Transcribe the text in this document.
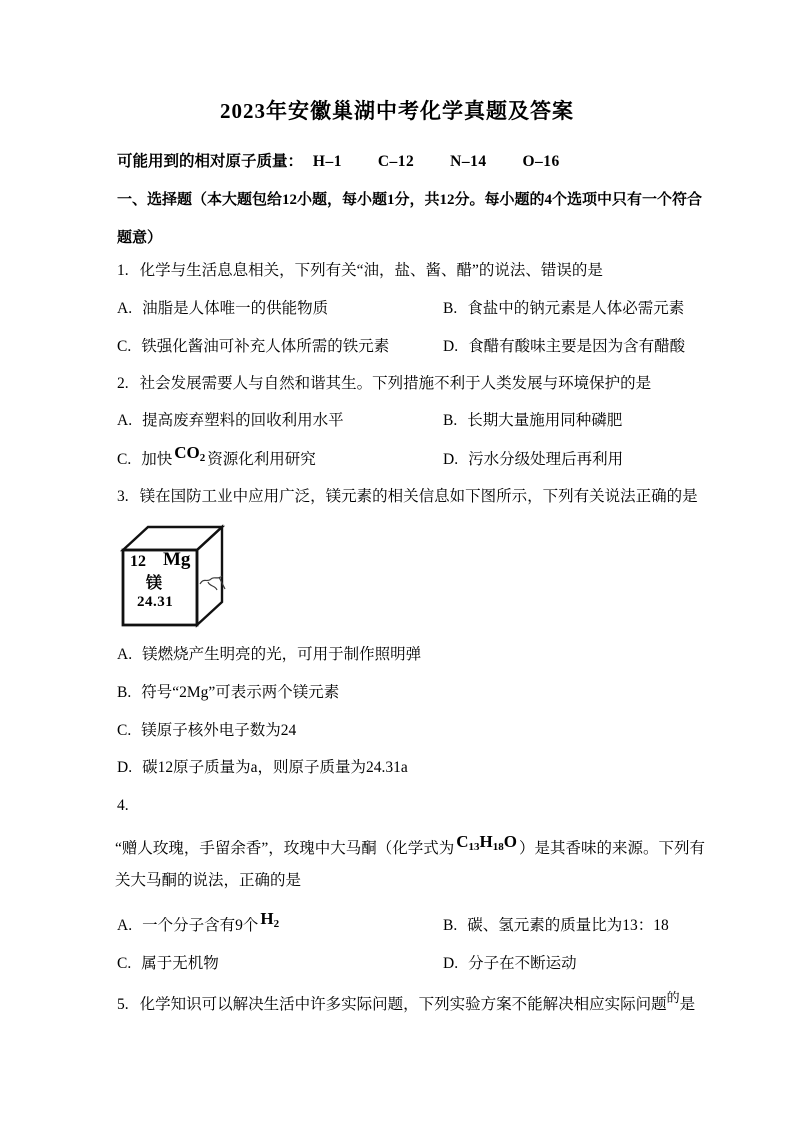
2023年安徽巢湖中考化学真题及答案
可能用到的相对原子质量： H–1 C–12 N–14 O–16
一、选择题（本大题包给12小题，每小题1分，共12分。每小题的4个选项中只有一个符合
题意）
1. 化学与生活息息相关，下列有关“油，盐、酱、醋”的说法、错误的是
A. 油脂是人体唯一的供能物质	B. 食盐中的钠元素是人体必需元素
C. 铁强化酱油可补充人体所需的铁元素	D. 食醋有酸味主要是因为含有醋酸
2. 社会发展需要人与自然和谐其生。下列措施不利于人类发展与环境保护的是
A. 提高废弃塑料的回收利用水平	B. 长期大量施用同种磷肥
C. 加快 $CO_2$ 资源化利用研究	D. 污水分级处理后再利用
3. 镁在国防工业中应用广泛，镁元素的相关信息如下图所示，下列有关说法正确的是
12 Mg
镁
24.31
A. 镁燃烧产生明亮的光，可用于制作照明弹
B. 符号“2Mg”可表示两个镁元素
C. 镁原子核外电子数为24
D. 碳12原子质量为a，则原子质量为24.31a
4.
“赠人玫瑰，手留余香”，玫瑰中大马酮（化学式为 $C_{13}H_{18}O$ ）是其香味的来源。下列有
关大马酮的说法，正确的是
A. 一个分子含有9个 $H_2$	B. 碳、氢元素的质量比为13：18
C. 属于无机物	D. 分子在不断运动
5. 化学知识可以解决生活中许多实际问题，下列实验方案不能解决相应实际问题的是
